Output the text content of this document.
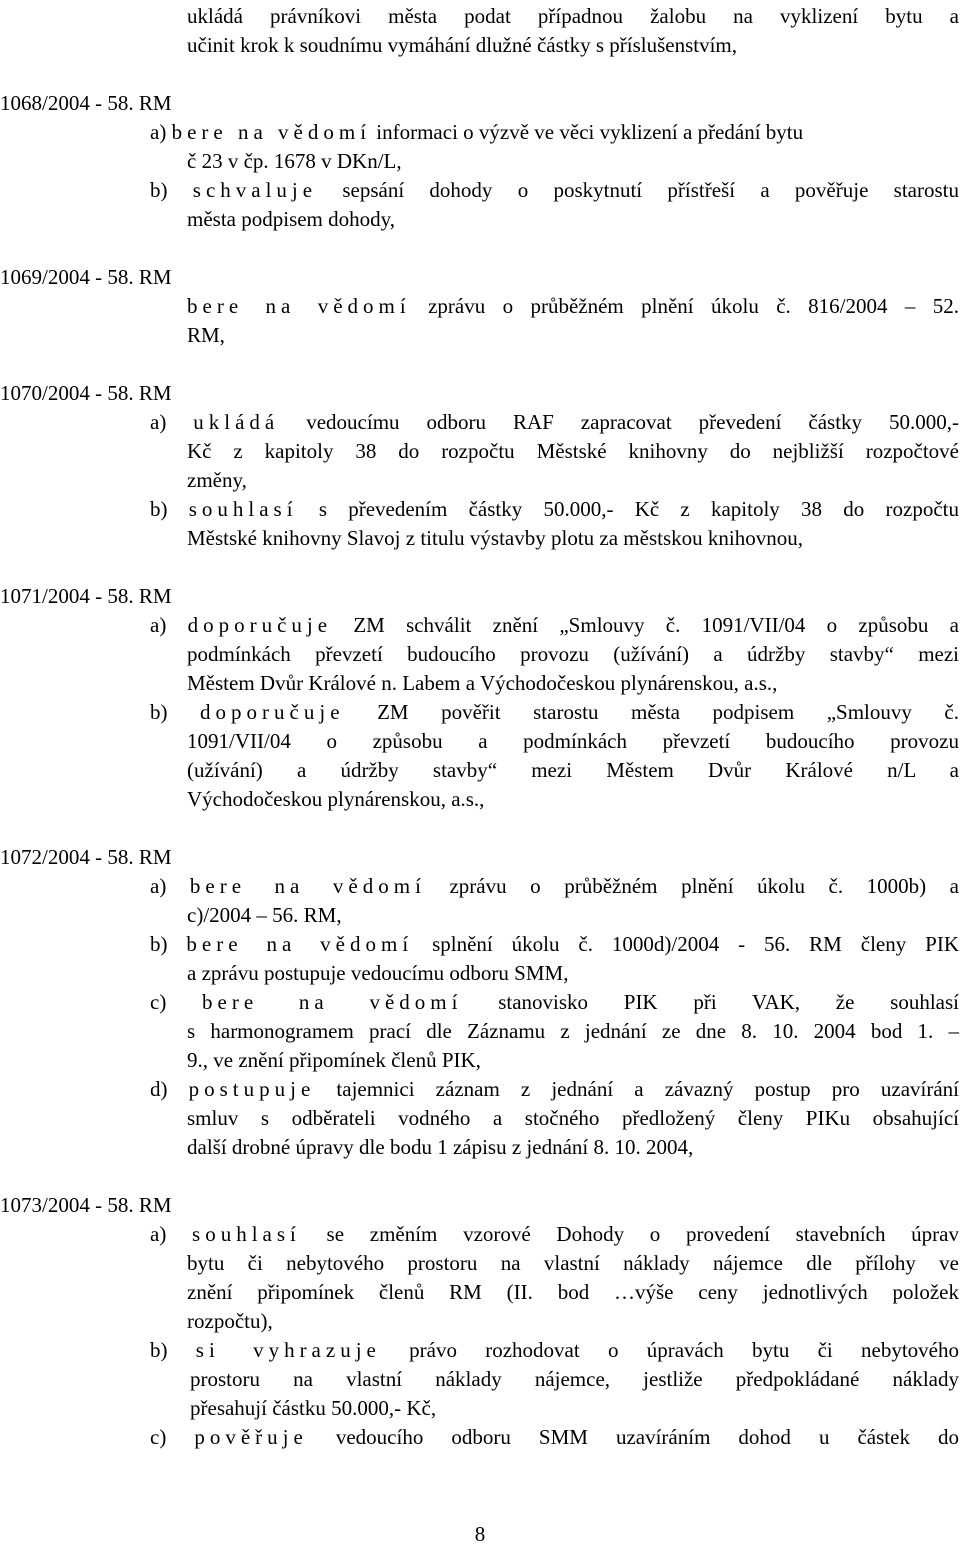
ukládá právníkovi města podat případnou žalobu na vyklizení bytu a
učinit krok k soudnímu vymáhání dlužné částky s příslušenstvím,
1068/2004 - 58. RM
a) bere na vědomí informaci o výzvě ve věci vyklizení a předání bytu
č 23 v čp. 1678 v DKn/L,
b) schvaluje sepsání dohody o poskytnutí přístřeší a pověřuje starostu
města podpisem dohody,
1069/2004 - 58. RM
bere na vědomí zprávu o průběžném plnění úkolu č. 816/2004 – 52.
RM,
1070/2004 - 58. RM
a) ukládá vedoucímu odboru RAF zapracovat převedení částky 50.000,-
Kč z kapitoly 38 do rozpočtu Městské knihovny do nejbližší rozpočtové
změny,
b) souhlasí s převedením částky 50.000,- Kč z kapitoly 38 do rozpočtu
Městské knihovny Slavoj z titulu výstavby plotu za městskou knihovnou,
1071/2004 - 58. RM
a) doporučuje ZM schválit znění „Smlouvy č. 1091/VII/04 o způsobu a
podmínkách převzetí budoucího provozu (užívání) a údržby stavby“ mezi
Městem Dvůr Králové n. Labem a Východočeskou plynárenskou, a.s.,
b) doporučuje ZM pověřit starostu města podpisem „Smlouvy č.
1091/VII/04 o způsobu a podmínkách převzetí budoucího provozu
(užívání) a údržby stavby“ mezi Městem Dvůr Králové n/L a
Východočeskou plynárenskou, a.s.,
1072/2004 - 58. RM
a) bere na vědomí zprávu o průběžném plnění úkolu č. 1000b) a
c)/2004 – 56. RM,
b) bere na vědomí splnění úkolu č. 1000d)/2004 - 56. RM členy PIK
a zprávu postupuje vedoucímu odboru SMM,
c) bere na vědomí stanovisko PIK při VAK, že souhlasí
s harmonogramem prací dle Záznamu z jednání ze dne 8. 10. 2004 bod 1. –
9., ve znění připomínek členů PIK,
d) postupuje tajemnici záznam z jednání a závazný postup pro uzavírání
smluv s odběrateli vodného a stočného předložený členy PIKu obsahující
další drobné úpravy dle bodu 1 zápisu z jednání 8. 10. 2004,
1073/2004 - 58. RM
a) souhlasí se změním vzorové Dohody o provedení stavebních úprav
bytu či nebytového prostoru na vlastní náklady nájemce dle přílohy ve
znění připomínek členů RM (II. bod …výše ceny jednotlivých položek
rozpočtu),
b) si vyhrazuje právo rozhodovat o úpravách bytu či nebytového
prostoru na vlastní náklady nájemce, jestliže předpokládané náklady
přesahují částku 50.000,- Kč,
c) pověřuje vedoucího odboru SMM uzavíráním dohod u částek do
8
